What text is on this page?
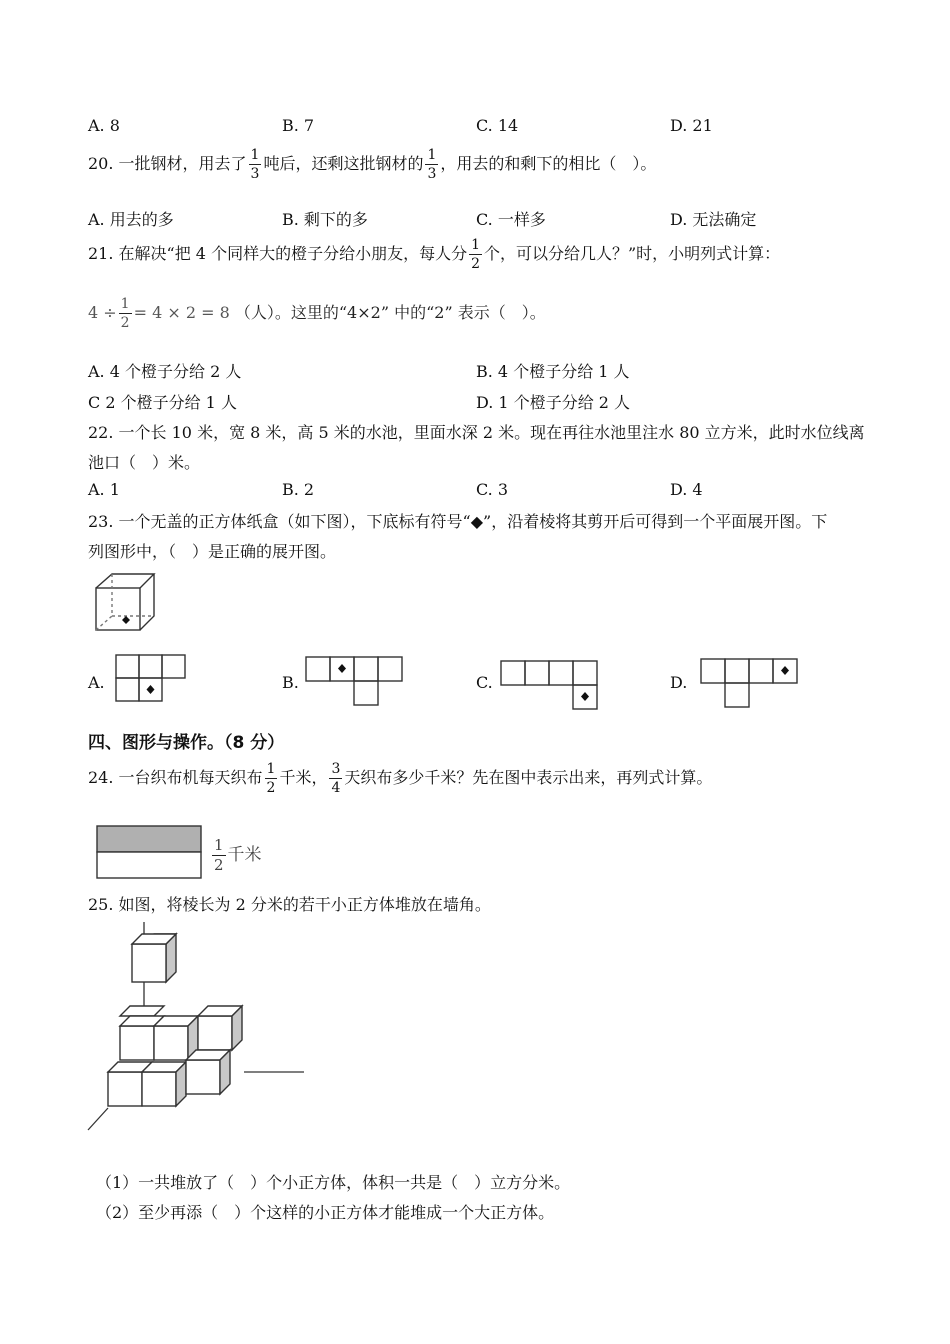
A. 8	B. 7	C. 14	D. 21
20. 一批钢材，用去了 $\frac{1}{3}$ 吨后，还剩这批钢材的 $\frac{1}{3}$ ，用去的和剩下的相比（　）。
A. 用去的多	B. 剩下的多	C. 一样多	D. 无法确定
21. 在解决“把 4 个同样大的橙子分给小朋友，每人分 $\frac{1}{2}$ 个，可以分给几人？”时，小明列式计算：
$4 \div \frac{1}{2} = 4 \times 2 = 8$ （人）。这里的“4×2” 中的“2” 表示（　）。
A. 4 个橙子分给 2 人	B. 4 个橙子分给 1 人
C 2 个橙子分给 1 人	D. 1 个橙子分给 2 人
22. 一个长 10 米，宽 8 米，高 5 米的水池，里面水深 2 米。现在再往水池里注水 80 立方米，此时水位线离
池口（　）米。
A. 1	B. 2	C. 3	D. 4
23. 一个无盖的正方体纸盒（如下图），下底标有符号“◆”，沿着棱将其剪开后可得到一个平面展开图。下
列图形中，（　）是正确的展开图。
A.	B.	C.	D.
四、图形与操作。（8 分）
24. 一台织布机每天织布 $\frac{1}{2}$ 千米， $\frac{3}{4}$ 天织布多少千米？先在图中表示出来，再列式计算。
$\frac{1}{2}$ 千米
25. 如图，将棱长为 2 分米的若干小正方体堆放在墙角。
（1）一共堆放了（　）个小正方体，体积一共是（　）立方分米。
（2）至少再添（　）个这样的小正方体才能堆成一个大正方体。
